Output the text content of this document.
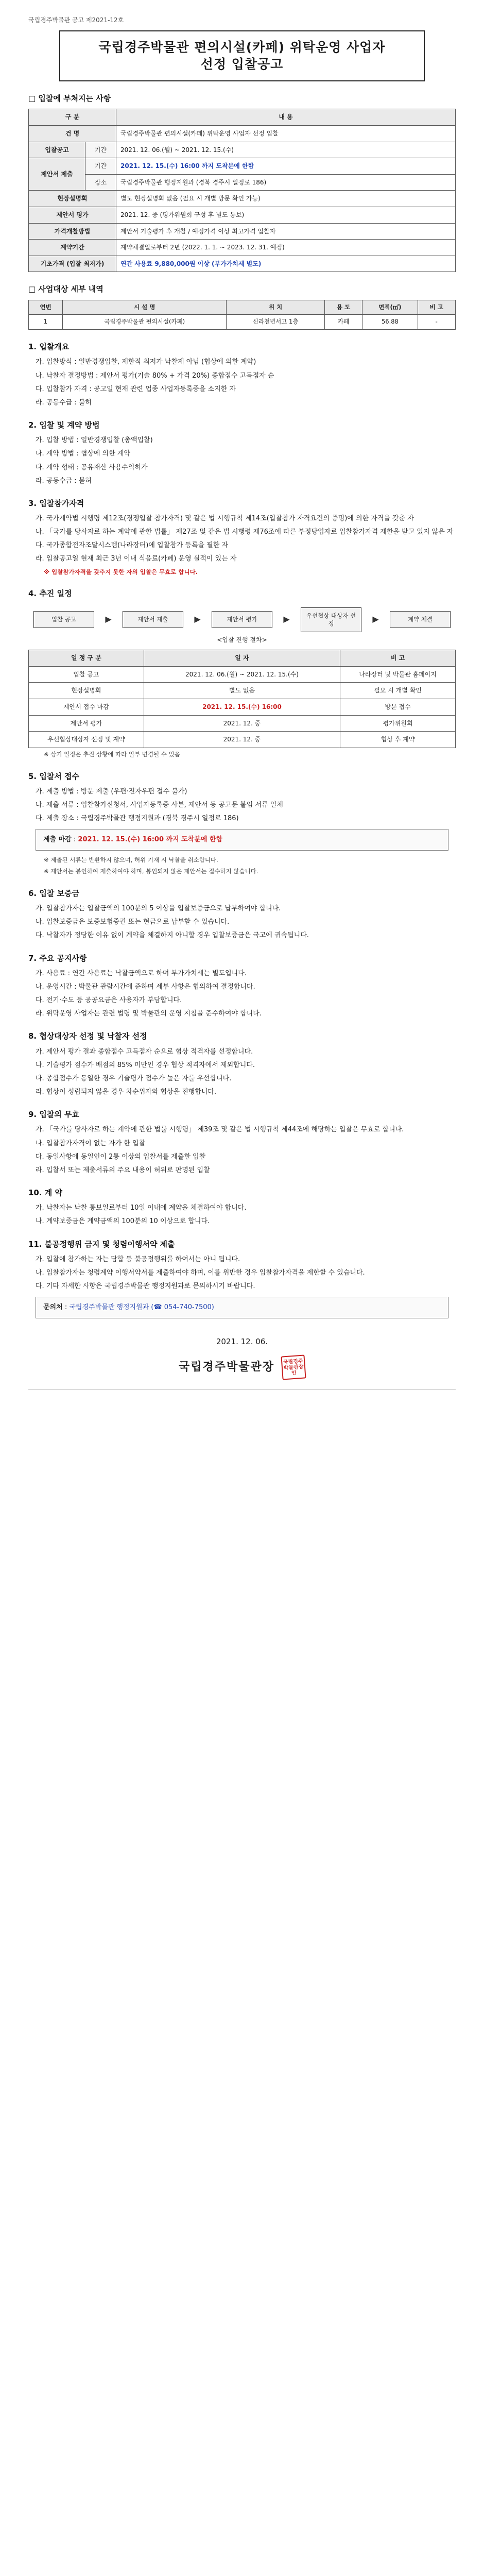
국립경주박물관 공고 제2021-12호
국립경주박물관 편의시설(카페) 위탁운영 사업자
선정 입찰공고
□ 입찰에 부쳐지는 사항
구 분		내 용
건 명		국립경주박물관 편의시설(카페) 위탁운영 사업자 선정 입찰
입찰공고	기간	2021. 12. 06.(월) ~ 2021. 12. 15.(수)
제안서 제출	기간	2021. 12. 15.(수) 16:00 까지 도착분에 한함
	장소	국립경주박물관 행정지원과 (경북 경주시 일정로 186)
현장설명회		별도 현장설명회 없음 (필요 시 개별 방문 확인 가능)
제안서 평가		2021. 12. 중 (평가위원회 구성 후 별도 통보)
가격개찰방법		제안서 기술평가 후 개찰 / 예정가격 이상 최고가격 입찰자
계약기간		계약체결일로부터 2년 (2022. 1. 1. ~ 2023. 12. 31. 예정)
기초가격 (입찰 최저가)		연간 사용료 9,880,000원 이상 (부가가치세 별도)
□ 사업대상 세부 내역
연번	시 설 명	위 치	용 도	면적(㎡)	비 고
1	국립경주박물관 편의시설(카페)	신라천년서고 1층	카페	56.88	-
1. 입찰개요
가. 입찰방식 : 일반경쟁입찰, 제한적 최저가 낙찰제 아님 (협상에 의한 계약)
나. 낙찰자 결정방법 : 제안서 평가(기술 80% + 가격 20%) 종합점수 고득점자 순
다. 입찰참가 자격 : 공고일 현재 관련 업종 사업자등록증을 소지한 자
라. 공동수급 : 불허
2. 입찰 및 계약 방법
가. 입찰 방법 : 일반경쟁입찰 (총액입찰)
나. 계약 방법 : 협상에 의한 계약
다. 계약 형태 : 공유재산 사용수익허가
라. 공동수급 : 불허
3. 입찰참가자격
가. 국가계약법 시행령 제12조(경쟁입찰 참가자격) 및 같은 법 시행규칙 제14조(입찰참가 자격요건의 증명)에 의한 자격을 갖춘 자
나. 「국가를 당사자로 하는 계약에 관한 법률」 제27조 및 같은 법 시행령 제76조에 따른 부정당업자로 입찰참가자격 제한을 받고 있지 않은 자
다. 국가종합전자조달시스템(나라장터)에 입찰참가 등록을 필한 자
라. 입찰공고일 현재 최근 3년 이내 식음료(카페) 운영 실적이 있는 자
※ 입찰참가자격을 갖추지 못한 자의 입찰은 무효로 합니다.
4. 추진 일정
입찰 공고	▶	제안서 제출	▶	제안서 평가	▶	우선협상 대상자 선정	▶	계약 체결
<입찰 진행 절차>
일 정 구 분	일 자	비 고
입찰 공고	2021. 12. 06.(월) ~ 2021. 12. 15.(수)	나라장터 및 박물관 홈페이지
현장설명회	별도 없음	필요 시 개별 확인
제안서 접수 마감	2021. 12. 15.(수) 16:00	방문 접수
제안서 평가	2021. 12. 중	평가위원회
우선협상대상자 선정 및 계약	2021. 12. 중	협상 후 계약
※ 상기 일정은 추진 상황에 따라 일부 변경될 수 있음
5. 입찰서 접수
가. 제출 방법 : 방문 제출 (우편·전자우편 접수 불가)
나. 제출 서류 : 입찰참가신청서, 사업자등록증 사본, 제안서 등 공고문 붙임 서류 일체
다. 제출 장소 : 국립경주박물관 행정지원과 (경북 경주시 일정로 186)
제출 마감 : 2021. 12. 15.(수) 16:00 까지 도착분에 한함
※ 제출된 서류는 반환하지 않으며, 허위 기재 시 낙찰을 취소합니다.
※ 제안서는 봉인하여 제출하여야 하며, 봉인되지 않은 제안서는 접수하지 않습니다.
6. 입찰 보증금
가. 입찰참가자는 입찰금액의 100분의 5 이상을 입찰보증금으로 납부하여야 합니다.
나. 입찰보증금은 보증보험증권 또는 현금으로 납부할 수 있습니다.
다. 낙찰자가 정당한 이유 없이 계약을 체결하지 아니할 경우 입찰보증금은 국고에 귀속됩니다.
7. 주요 공지사항
가. 사용료 : 연간 사용료는 낙찰금액으로 하며 부가가치세는 별도입니다.
나. 운영시간 : 박물관 관람시간에 준하며 세부 사항은 협의하여 결정합니다.
다. 전기·수도 등 공공요금은 사용자가 부담합니다.
라. 위탁운영 사업자는 관련 법령 및 박물관의 운영 지침을 준수하여야 합니다.
8. 협상대상자 선정 및 낙찰자 선정
가. 제안서 평가 결과 종합점수 고득점자 순으로 협상 적격자를 선정합니다.
나. 기술평가 점수가 배점의 85% 미만인 경우 협상 적격자에서 제외합니다.
다. 종합점수가 동일한 경우 기술평가 점수가 높은 자를 우선합니다.
라. 협상이 성립되지 않을 경우 차순위자와 협상을 진행합니다.
9. 입찰의 무효
가. 「국가를 당사자로 하는 계약에 관한 법률 시행령」 제39조 및 같은 법 시행규칙 제44조에 해당하는 입찰은 무효로 합니다.
나. 입찰참가자격이 없는 자가 한 입찰
다. 동일사항에 동일인이 2통 이상의 입찰서를 제출한 입찰
라. 입찰서 또는 제출서류의 주요 내용이 허위로 판명된 입찰
10. 계 약
가. 낙찰자는 낙찰 통보일로부터 10일 이내에 계약을 체결하여야 합니다.
나. 계약보증금은 계약금액의 100분의 10 이상으로 합니다.
11. 불공정행위 금지 및 청렴이행서약 제출
가. 입찰에 참가하는 자는 담합 등 불공정행위를 하여서는 아니 됩니다.
나. 입찰참가자는 청렴계약 이행서약서를 제출하여야 하며, 이를 위반한 경우 입찰참가자격을 제한할 수 있습니다.
다. 기타 자세한 사항은 국립경주박물관 행정지원과로 문의하시기 바랍니다.
문의처 : 국립경주박물관 행정지원과 (☎ 054-740-7500)
2021. 12. 06.
국립경주박물관장	국립경주 박물관장인
